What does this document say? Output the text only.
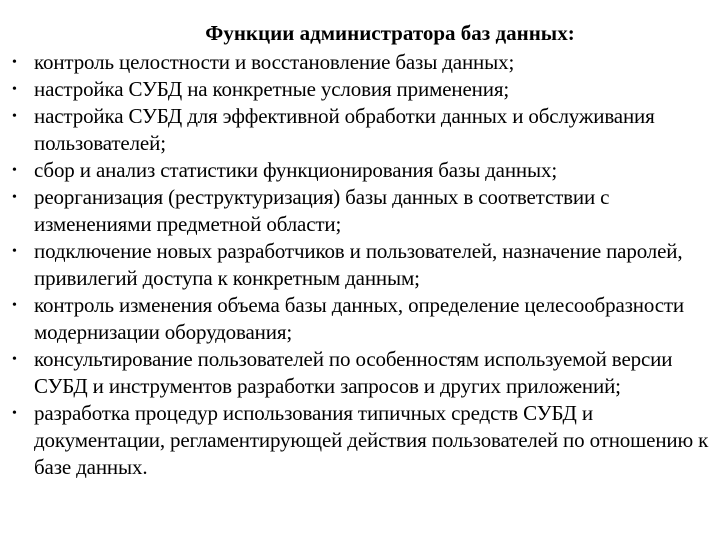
Функции администратора баз данных:
• контроль целостности и восстановление базы данных;
• настройка СУБД на конкретные условия применения;
• настройка СУБД для эффективной обработки данных и обслуживания пользователей;
• сбор и анализ статистики функционирования базы данных;
• реорганизация (реструктуризация) базы данных в соответствии с изменениями предметной области;
• подключение новых разработчиков и пользователей, назначение паролей, привилегий доступа к конкретным данным;
• контроль изменения объема базы данных, определение целесообразности модернизации оборудования;
• консультирование пользователей по особенностям используемой версии СУБД и инструментов разработки запросов и других приложений;
• разработка процедур использования типичных средств СУБД и документации, регламентирующей действия пользователей по отношению к базе данных.
